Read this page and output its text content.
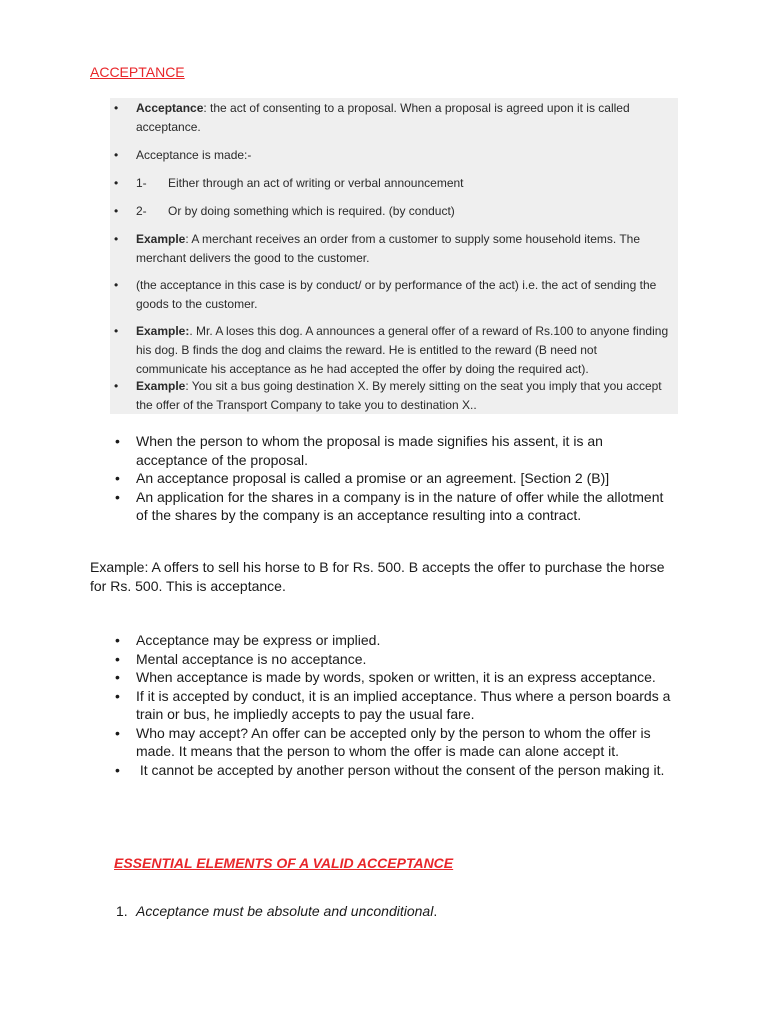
ACCEPTANCE
• Acceptance: the act of consenting to a proposal. When a proposal is agreed upon it is called acceptance.
• Acceptance is made:-
• 1- Either through an act of writing or verbal announcement
• 2- Or by doing something which is required. (by conduct)
• Example: A merchant receives an order from a customer to supply some household items. The merchant delivers the good to the customer.
• (the acceptance in this case is by conduct/ or by performance of the act) i.e. the act of sending the goods to the customer.
• Example:. Mr. A loses this dog. A announces a general offer of a reward of Rs.100 to anyone finding his dog. B finds the dog and claims the reward. He is entitled to the reward (B need not communicate his acceptance as he had accepted the offer by doing the required act).
• Example: You sit a bus going destination X. By merely sitting on the seat you imply that you accept the offer of the Transport Company to take you to destination X..
• When the person to whom the proposal is made signifies his assent, it is an acceptance of the proposal.
• An acceptance proposal is called a promise or an agreement. [Section 2 (B)]
• An application for the shares in a company is in the nature of offer while the allotment of the shares by the company is an acceptance resulting into a contract.

Example: A offers to sell his horse to B for Rs. 500. B accepts the offer to purchase the horse for Rs. 500. This is acceptance.

• Acceptance may be express or implied.
• Mental acceptance is no acceptance.
• When acceptance is made by words, spoken or written, it is an express acceptance.
• If it is accepted by conduct, it is an implied acceptance. Thus where a person boards a train or bus, he impliedly accepts to pay the usual fare.
• Who may accept? An offer can be accepted only by the person to whom the offer is made. It means that the person to whom the offer is made can alone accept it.
•  It cannot be accepted by another person without the consent of the person making it.
ESSENTIAL ELEMENTS OF A VALID ACCEPTANCE

1. Acceptance must be absolute and unconditional.
